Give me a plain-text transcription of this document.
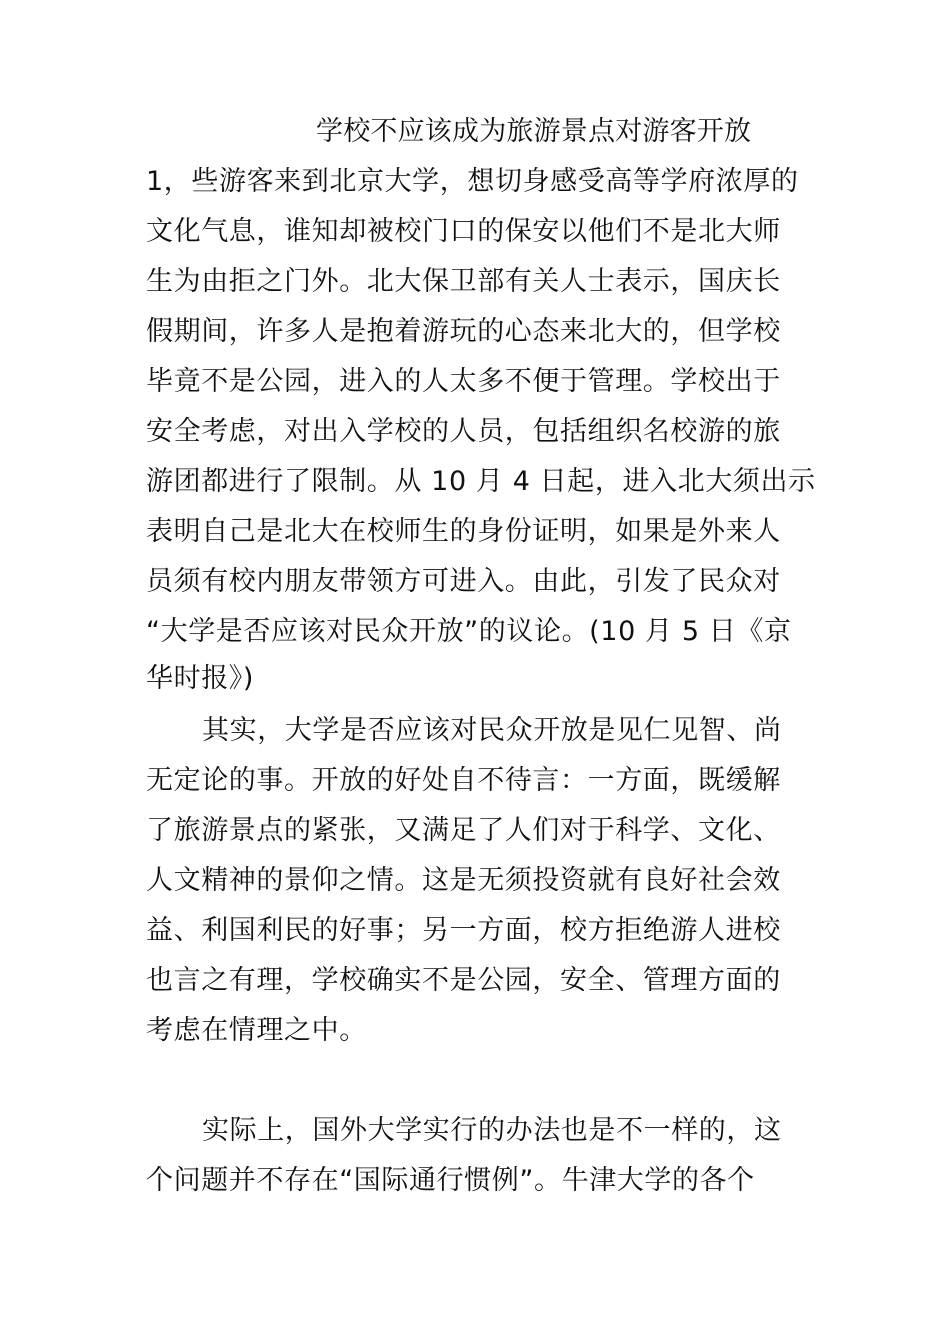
学校不应该成为旅游景点对游客开放
1，些游客来到北京大学，想切身感受高等学府浓厚的
文化气息，谁知却被校门口的保安以他们不是北大师
生为由拒之门外。北大保卫部有关人士表示，国庆长
假期间，许多人是抱着游玩的心态来北大的，但学校
毕竟不是公园，进入的人太多不便于管理。学校出于
安全考虑，对出入学校的人员，包括组织名校游的旅
游团都进行了限制。从 10 月 4 日起，进入北大须出示
表明自己是北大在校师生的身份证明，如果是外来人
员须有校内朋友带领方可进入。由此，引发了民众对
“大学是否应该对民众开放”的议论。(10 月 5 日《京
华时报》)
其实，大学是否应该对民众开放是见仁见智、尚
无定论的事。开放的好处自不待言：一方面，既缓解
了旅游景点的紧张，又满足了人们对于科学、文化、
人文精神的景仰之情。这是无须投资就有良好社会效
益、利国利民的好事；另一方面，校方拒绝游人进校
也言之有理，学校确实不是公园，安全、管理方面的
考虑在情理之中。
实际上，国外大学实行的办法也是不一样的，这
个问题并不存在“国际通行惯例”。牛津大学的各个
